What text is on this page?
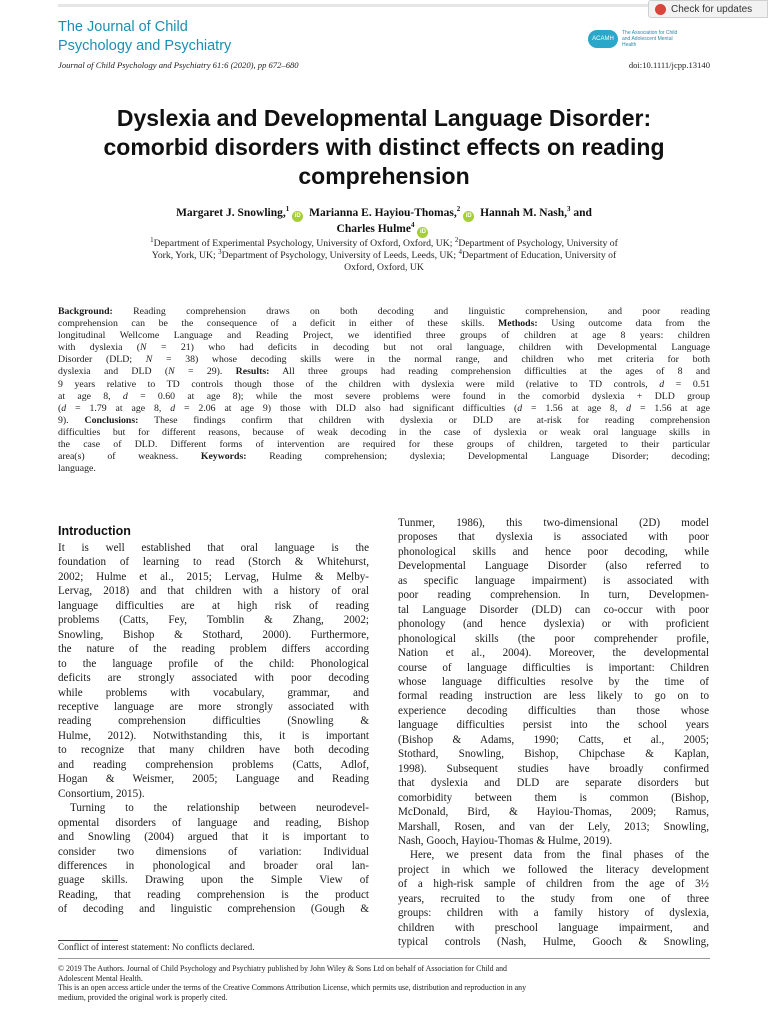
The Journal of Child
Psychology and Psychiatry	ACAMH
The Association for Child and Adolescent Mental Health
Check for updates
Journal of Child Psychology and Psychiatry 61:6 (2020), pp 672–680	doi:10.1111/jcpp.13140
Dyslexia and Developmental Language Disorder:
comorbid disorders with distinct effects on reading
comprehension
Margaret J. Snowling,$^1$iD Marianna E. Hayiou-Thomas,$^2$iD Hannah M. Nash,$^3$ and
Charles Hulme$^4$iD
$^1$Department of Experimental Psychology, University of Oxford, Oxford, UK; $^2$Department of Psychology, University of
York, York, UK; $^3$Department of Psychology, University of Leeds, Leeds, UK; $^4$Department of Education, University of
Oxford, Oxford, UK
Background: Reading comprehension draws on both decoding and linguistic comprehension, and poor reading
comprehension can be the consequence of a deficit in either of these skills. Methods: Using outcome data from the
longitudinal Wellcome Language and Reading Project, we identified three groups of children at age 8 years: children
with dyslexia (N = 21) who had deficits in decoding but not oral language, children with Developmental Language
Disorder (DLD; N = 38) whose decoding skills were in the normal range, and children who met criteria for both
dyslexia and DLD (N = 29). Results: All three groups had reading comprehension difficulties at the ages of 8 and
9 years relative to TD controls though those of the children with dyslexia were mild (relative to TD controls, d = 0.51
at age 8, d = 0.60 at age 8); while the most severe problems were found in the comorbid dyslexia + DLD group
(d = 1.79 at age 8, d = 2.06 at age 9) those with DLD also had significant difficulties (d = 1.56 at age 8, d = 1.56 at age
9). Conclusions: These findings confirm that children with dyslexia or DLD are at-risk for reading comprehension
difficulties but for different reasons, because of weak decoding in the case of dyslexia or weak oral language skills in
the case of DLD. Different forms of intervention are required for these groups of children, targeted to their particular
area(s) of weakness. Keywords: Reading comprehension; dyslexia; Developmental Language Disorder; decoding;
language.
Introduction
It is well established that oral language is the
foundation of learning to read (Storch & Whitehurst,
2002; Hulme et al., 2015; Lervag, Hulme & Melby-
Lervag, 2018) and that children with a history of oral
language difficulties are at high risk of reading
problems (Catts, Fey, Tomblin & Zhang, 2002;
Snowling, Bishop & Stothard, 2000). Furthermore,
the nature of the reading problem differs according
to the language profile of the child: Phonological
deficits are strongly associated with poor decoding
while problems with vocabulary, grammar, and
receptive language are more strongly associated with
reading comprehension difficulties (Snowling &
Hulme, 2012). Notwithstanding this, it is important
to recognize that many children have both decoding
and reading comprehension problems (Catts, Adlof,
Hogan & Weismer, 2005; Language and Reading
Consortium, 2015).
Turning to the relationship between neurodevel-
opmental disorders of language and reading, Bishop
and Snowling (2004) argued that it is important to
consider two dimensions of variation: Individual
differences in phonological and broader oral lan-
guage skills. Drawing upon the Simple View of
Reading, that reading comprehension is the product
of decoding and linguistic comprehension (Gough &
Tunmer, 1986), this two-dimensional (2D) model
proposes that dyslexia is associated with poor
phonological skills and hence poor decoding, while
Developmental Language Disorder (also referred to
as specific language impairment) is associated with
poor reading comprehension. In turn, Developmen-
tal Language Disorder (DLD) can co-occur with poor
phonology (and hence dyslexia) or with proficient
phonological skills (the poor comprehender profile,
Nation et al., 2004). Moreover, the developmental
course of language difficulties is important: Children
whose language difficulties resolve by the time of
formal reading instruction are less likely to go on to
experience decoding difficulties than those whose
language difficulties persist into the school years
(Bishop & Adams, 1990; Catts, et al., 2005;
Stothard, Snowling, Bishop, Chipchase & Kaplan,
1998). Subsequent studies have broadly confirmed
that dyslexia and DLD are separate disorders but
comorbidity between them is common (Bishop,
McDonald, Bird, & Hayiou-Thomas, 2009; Ramus,
Marshall, Rosen, and van der Lely, 2013; Snowling,
Nash, Gooch, Hayiou-Thomas & Hulme, 2019).
Here, we present data from the final phases of the
project in which we followed the literacy development
of a high-risk sample of children from the age of 3½
years, recruited to the study from one of three
groups: children with a family history of dyslexia,
children with preschool language impairment, and
typical controls (Nash, Hulme, Gooch & Snowling,
Conflict of interest statement: No conflicts declared.
© 2019 The Authors. Journal of Child Psychology and Psychiatry published by John Wiley & Sons Ltd on behalf of Association for Child and
Adolescent Mental Health.
This is an open access article under the terms of the Creative Commons Attribution License, which permits use, distribution and reproduction in any
medium, provided the original work is properly cited.
